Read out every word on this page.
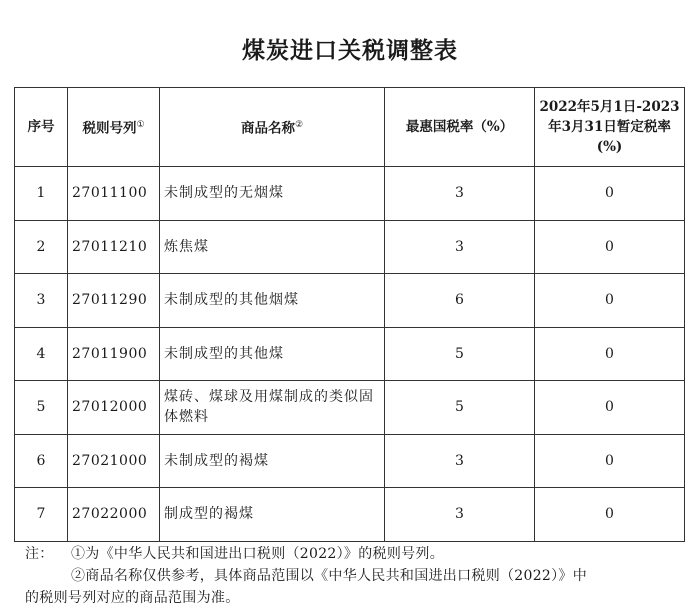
煤炭进口关税调整表
序号	税则号列①	商品名称②	最惠国税率（%）	2022年5月1日-2023
年3月31日暂定税率
(%)

1	27011100	未制成型的无烟煤	3	0
2	27011210	炼焦煤	3	0
3	27011290	未制成型的其他烟煤	6	0
4	27011900	未制成型的其他煤	5	0
5	27012000	煤砖、煤球及用煤制成的类似固体燃料	5	0
6	27021000	未制成型的褐煤	3	0
7	27022000	制成型的褐煤	3	0
注：	①为《中华人民共和国进出口税则（2022）》的税则号列。
②商品名称仅供参考，具体商品范围以《中华人民共和国进出口税则（2022）》中
的税则号列对应的商品范围为准。
